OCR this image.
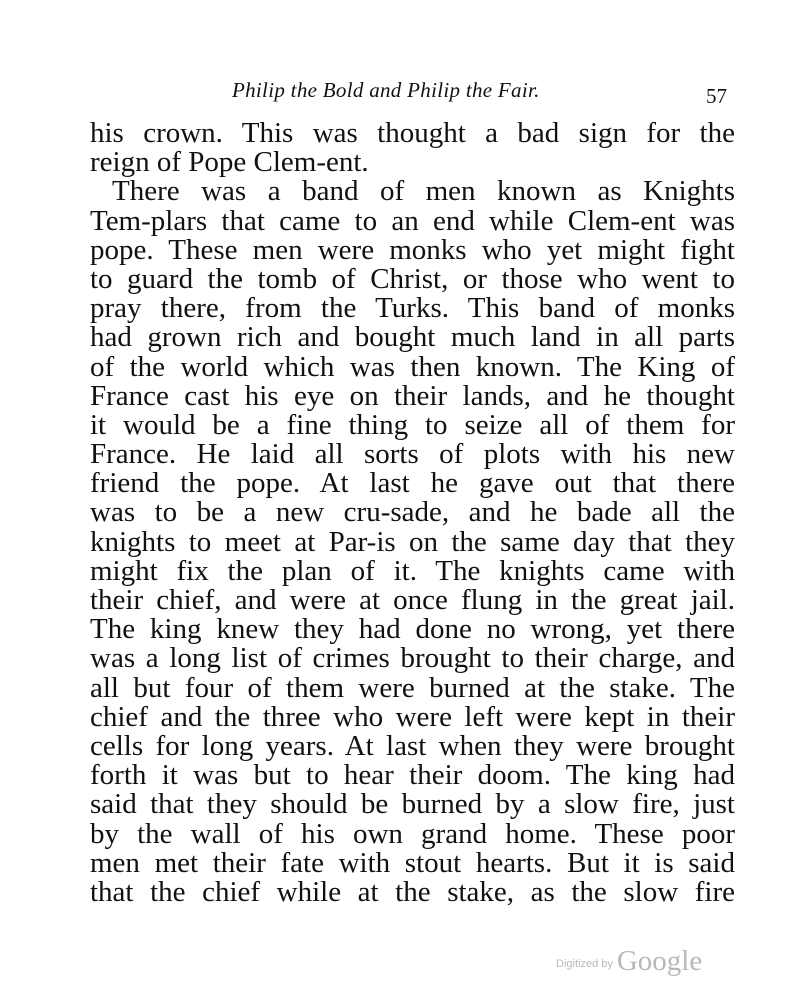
Philip the Bold and Philip the Fair.	57
his crown. This was thought a bad sign for the
reign of Pope Clem-ent.
There was a band of men known as Knights
Tem-plars that came to an end while Clem-ent was
pope. These men were monks who yet might fight
to guard the tomb of Christ, or those who went to
pray there, from the Turks. This band of monks
had grown rich and bought much land in all parts
of the world which was then known. The King of
France cast his eye on their lands, and he thought
it would be a fine thing to seize all of them for
France. He laid all sorts of plots with his new
friend the pope. At last he gave out that there
was to be a new cru-sade, and he bade all the
knights to meet at Par-is on the same day that they
might fix the plan of it. The knights came with
their chief, and were at once flung in the great jail.
The king knew they had done no wrong, yet there
was a long list of crimes brought to their charge, and
all but four of them were burned at the stake. The
chief and the three who were left were kept in their
cells for long years. At last when they were brought
forth it was but to hear their doom. The king had
said that they should be burned by a slow fire, just
by the wall of his own grand home. These poor
men met their fate with stout hearts. But it is said
that the chief while at the stake, as the slow fire
Digitized by Google
